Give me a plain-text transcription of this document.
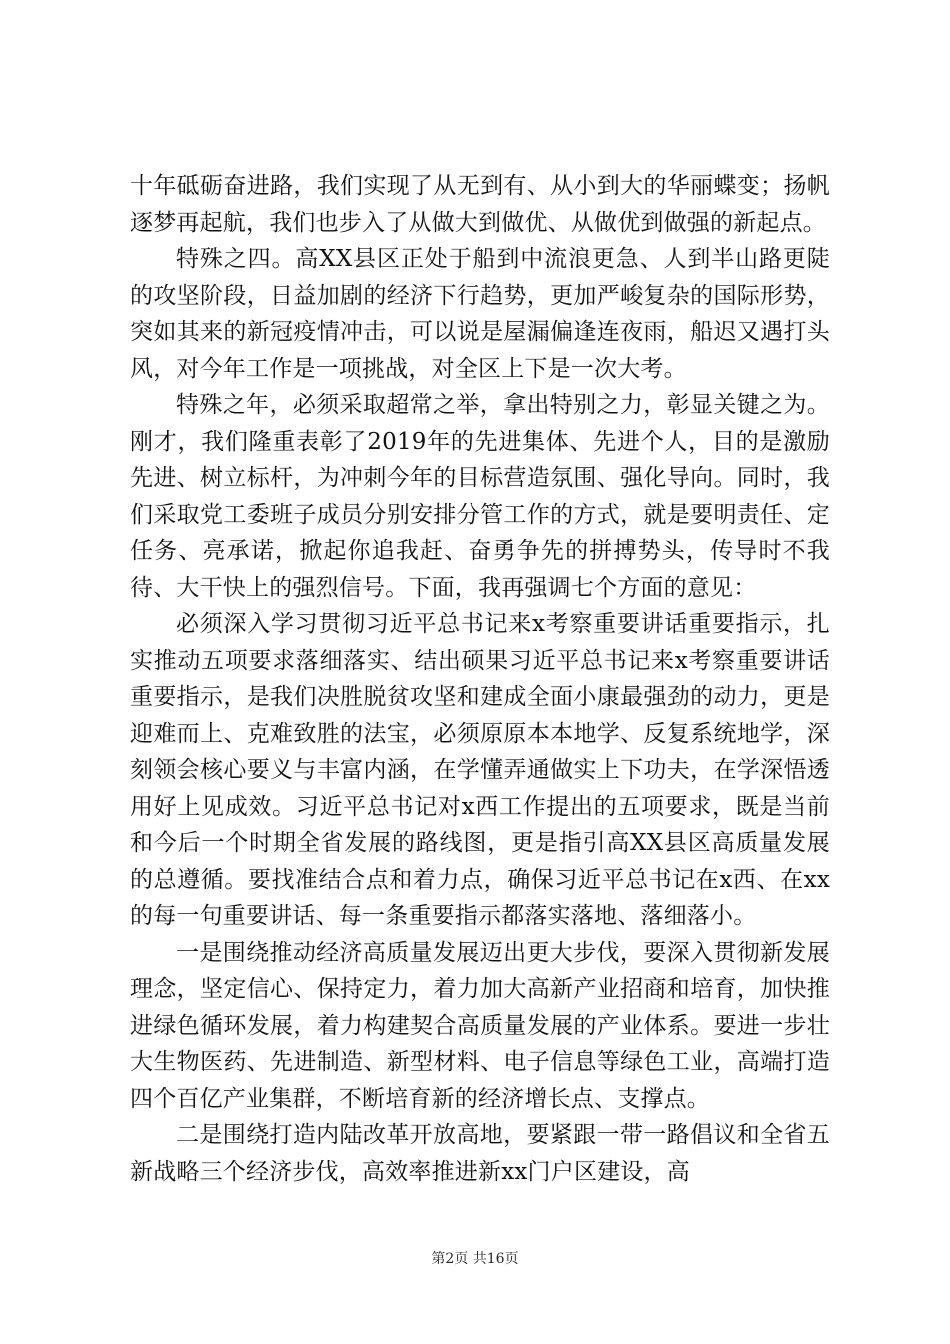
十年砥砺奋进路，我们实现了从无到有、从小到大的华丽蝶变；扬帆逐梦再起航，我们也步入了从做大到做优、从做优到做强的新起点。

特殊之四。高XX县区正处于船到中流浪更急、人到半山路更陡的攻坚阶段，日益加剧的经济下行趋势，更加严峻复杂的国际形势，突如其来的新冠疫情冲击，可以说是屋漏偏逢连夜雨，船迟又遇打头风，对今年工作是一项挑战，对全区上下是一次大考。

特殊之年，必须采取超常之举，拿出特别之力，彰显关键之为。刚才，我们隆重表彰了2019年的先进集体、先进个人，目的是激励先进、树立标杆，为冲刺今年的目标营造氛围、强化导向。同时，我们采取党工委班子成员分别安排分管工作的方式，就是要明责任、定任务、亮承诺，掀起你追我赶、奋勇争先的拼搏势头，传导时不我待、大干快上的强烈信号。下面，我再强调七个方面的意见：

必须深入学习贯彻习近平总书记来x考察重要讲话重要指示，扎实推动五项要求落细落实、结出硕果习近平总书记来x考察重要讲话重要指示，是我们决胜脱贫攻坚和建成全面小康最强劲的动力，更是迎难而上、克难致胜的法宝，必须原原本本地学、反复系统地学，深刻领会核心要义与丰富内涵，在学懂弄通做实上下功夫，在学深悟透用好上见成效。习近平总书记对x西工作提出的五项要求，既是当前和今后一个时期全省发展的路线图，更是指引高XX县区高质量发展的总遵循。要找准结合点和着力点，确保习近平总书记在x西、在xx的每一句重要讲话、每一条重要指示都落实落地、落细落小。

一是围绕推动经济高质量发展迈出更大步伐，要深入贯彻新发展理念，坚定信心、保持定力，着力加大高新产业招商和培育，加快推进绿色循环发展，着力构建契合高质量发展的产业体系。要进一步壮大生物医药、先进制造、新型材料、电子信息等绿色工业，高端打造四个百亿产业集群，不断培育新的经济增长点、支撑点。

二是围绕打造内陆改革开放高地，要紧跟一带一路倡议和全省五新战略三个经济步伐，高效率推进新xx门户区建设，高

第2页 共16页
